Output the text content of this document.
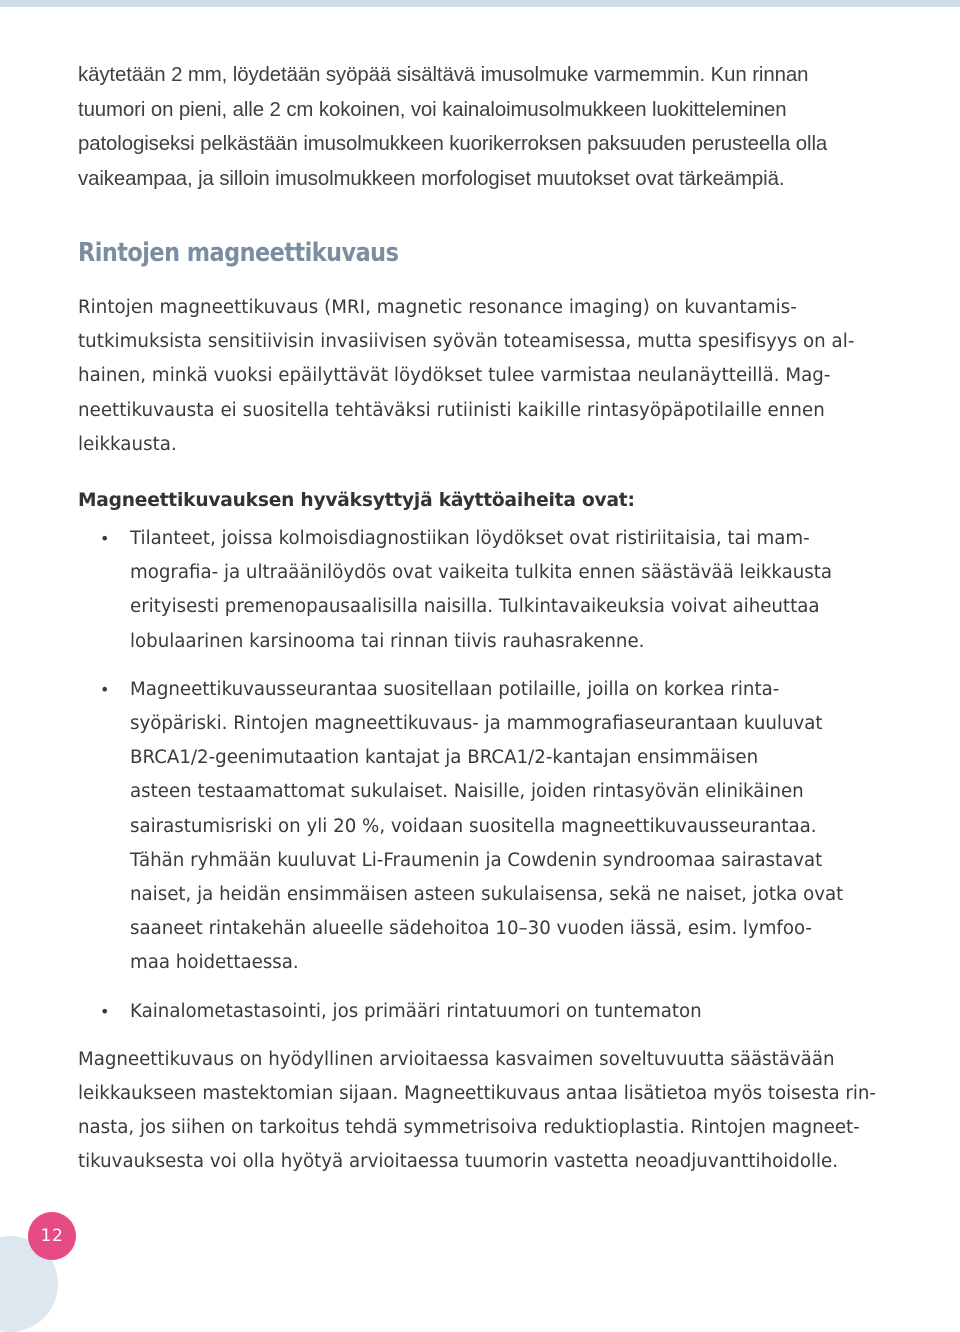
käytetään 2 mm, löydetään syöpää sisältävä imusolmuke varmemmin. Kun rinnan
tuumori on pieni, alle 2 cm kokoinen, voi kainaloimusolmukkeen luokitteleminen
patologiseksi pelkästään imusolmukkeen kuorikerroksen paksuuden perusteella olla
vaikeampaa, ja silloin imusolmukkeen morfologiset muutokset ovat tärkeämpiä.

Rintojen magneettikuvaus

Rintojen magneettikuvaus (MRI, magnetic resonance imaging) on kuvantamis-
tutkimuksista sensitiivisin invasiivisen syövän toteamisessa, mutta spesifisyys on al-
hainen, minkä vuoksi epäilyttävät löydökset tulee varmistaa neulanäytteillä. Mag-
neettikuvausta ei suositella tehtäväksi rutiinisti kaikille rintasyöpäpotilaille ennen
leikkausta.

Magneettikuvauksen hyväksyttyjä käyttöaiheita ovat:
• Tilanteet, joissa kolmoisdiagnostiikan löydökset ovat ristiriitaisia, tai mam-
mografia- ja ultraäänilöydös ovat vaikeita tulkita ennen säästävää leikkausta
erityisesti premenopausaalisilla naisilla. Tulkintavaikeuksia voivat aiheuttaa
lobulaarinen karsinooma tai rinnan tiivis rauhasrakenne.
• Magneettikuvausseurantaa suositellaan potilaille, joilla on korkea rinta-
syöpäriski. Rintojen magneettikuvaus- ja mammografiaseurantaan kuuluvat
BRCA1/2-geenimutaation kantajat ja BRCA1/2-kantajan ensimmäisen
asteen testaamattomat sukulaiset. Naisille, joiden rintasyövän elinikäinen
sairastumisriski on yli 20 %, voidaan suositella magneettikuvausseurantaa.
Tähän ryhmään kuuluvat Li-Fraumenin ja Cowdenin syndroomaa sairastavat
naiset, ja heidän ensimmäisen asteen sukulaisensa, sekä ne naiset, jotka ovat
saaneet rintakehän alueelle sädehoitoa 10–30 vuoden iässä, esim. lymfoo-
maa hoidettaessa.
• Kainalometastasointi, jos primääri rintatuumori on tuntematon

Magneettikuvaus on hyödyllinen arvioitaessa kasvaimen soveltuvuutta säästävään
leikkaukseen mastektomian sijaan. Magneettikuvaus antaa lisätietoa myös toisesta rin-
nasta, jos siihen on tarkoitus tehdä symmetrisoiva reduktioplastia. Rintojen magneet-
tikuvauksesta voi olla hyötyä arvioitaessa tuumorin vastetta neoadjuvanttihoidolle.

12
